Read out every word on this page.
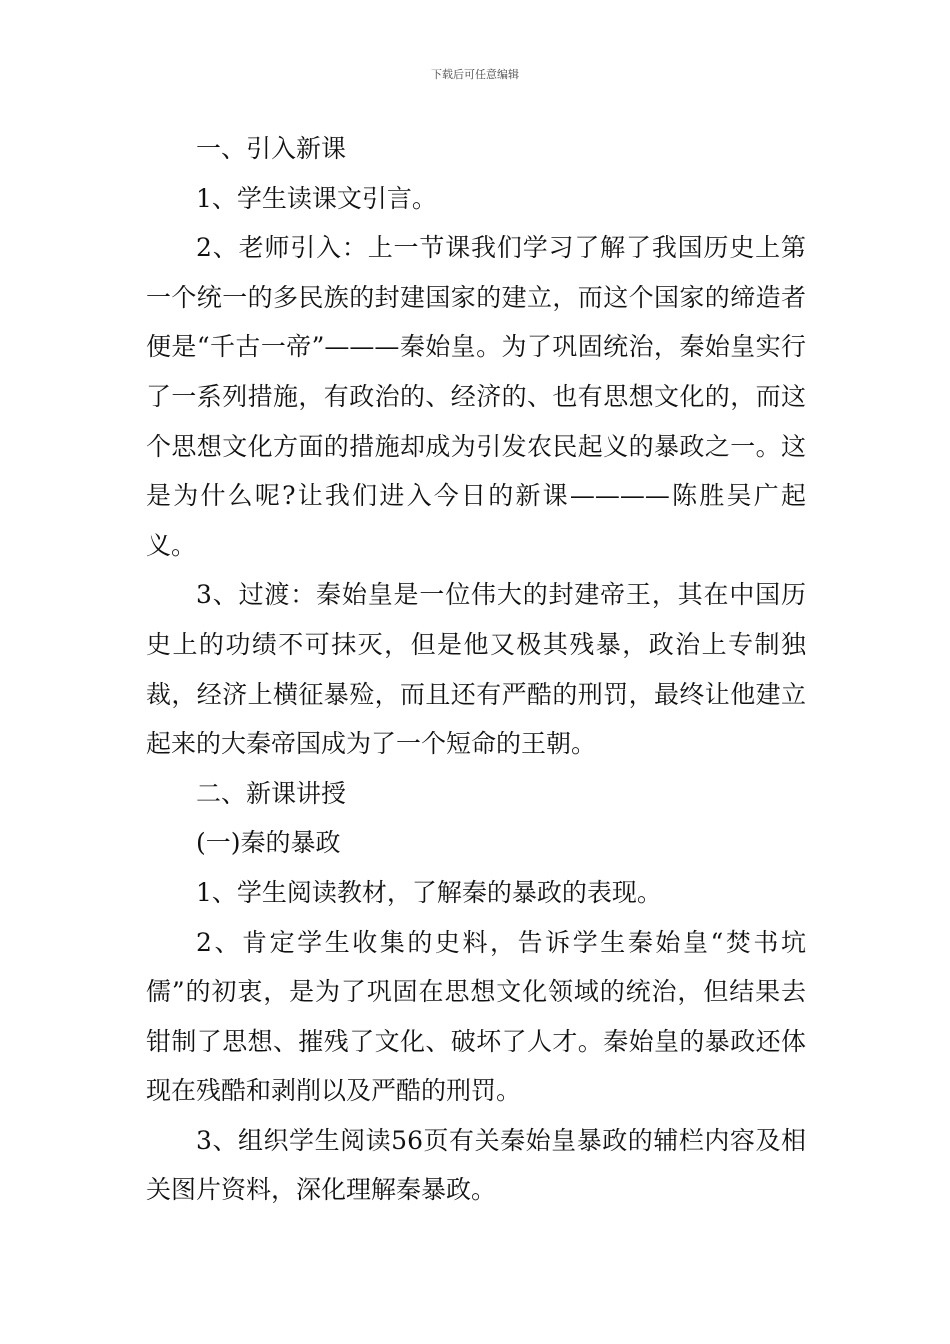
下载后可任意编辑

一、引入新课

1、学生读课文引言。

2、老师引入：上一节课我们学习了解了我国历史上第一个统一的多民族的封建国家的建立，而这个国家的缔造者便是“千古一帝”———秦始皇。为了巩固统治，秦始皇实行了一系列措施，有政治的、经济的、也有思想文化的，而这个思想文化方面的措施却成为引发农民起义的暴政之一。这是为什么呢?让我们进入今日的新课————陈胜吴广起义。

3、过渡：秦始皇是一位伟大的封建帝王，其在中国历史上的功绩不可抹灭，但是他又极其残暴，政治上专制独裁，经济上横征暴殓，而且还有严酷的刑罚，最终让他建立起来的大秦帝国成为了一个短命的王朝。

二、新课讲授

(一)秦的暴政

1、学生阅读教材，了解秦的暴政的表现。

2、肯定学生收集的史料，告诉学生秦始皇“焚书坑儒”的初衷，是为了巩固在思想文化领域的统治，但结果去钳制了思想、摧残了文化、破坏了人才。秦始皇的暴政还体现在残酷和剥削以及严酷的刑罚。

3、组织学生阅读56页有关秦始皇暴政的辅栏内容及相关图片资料，深化理解秦暴政。
